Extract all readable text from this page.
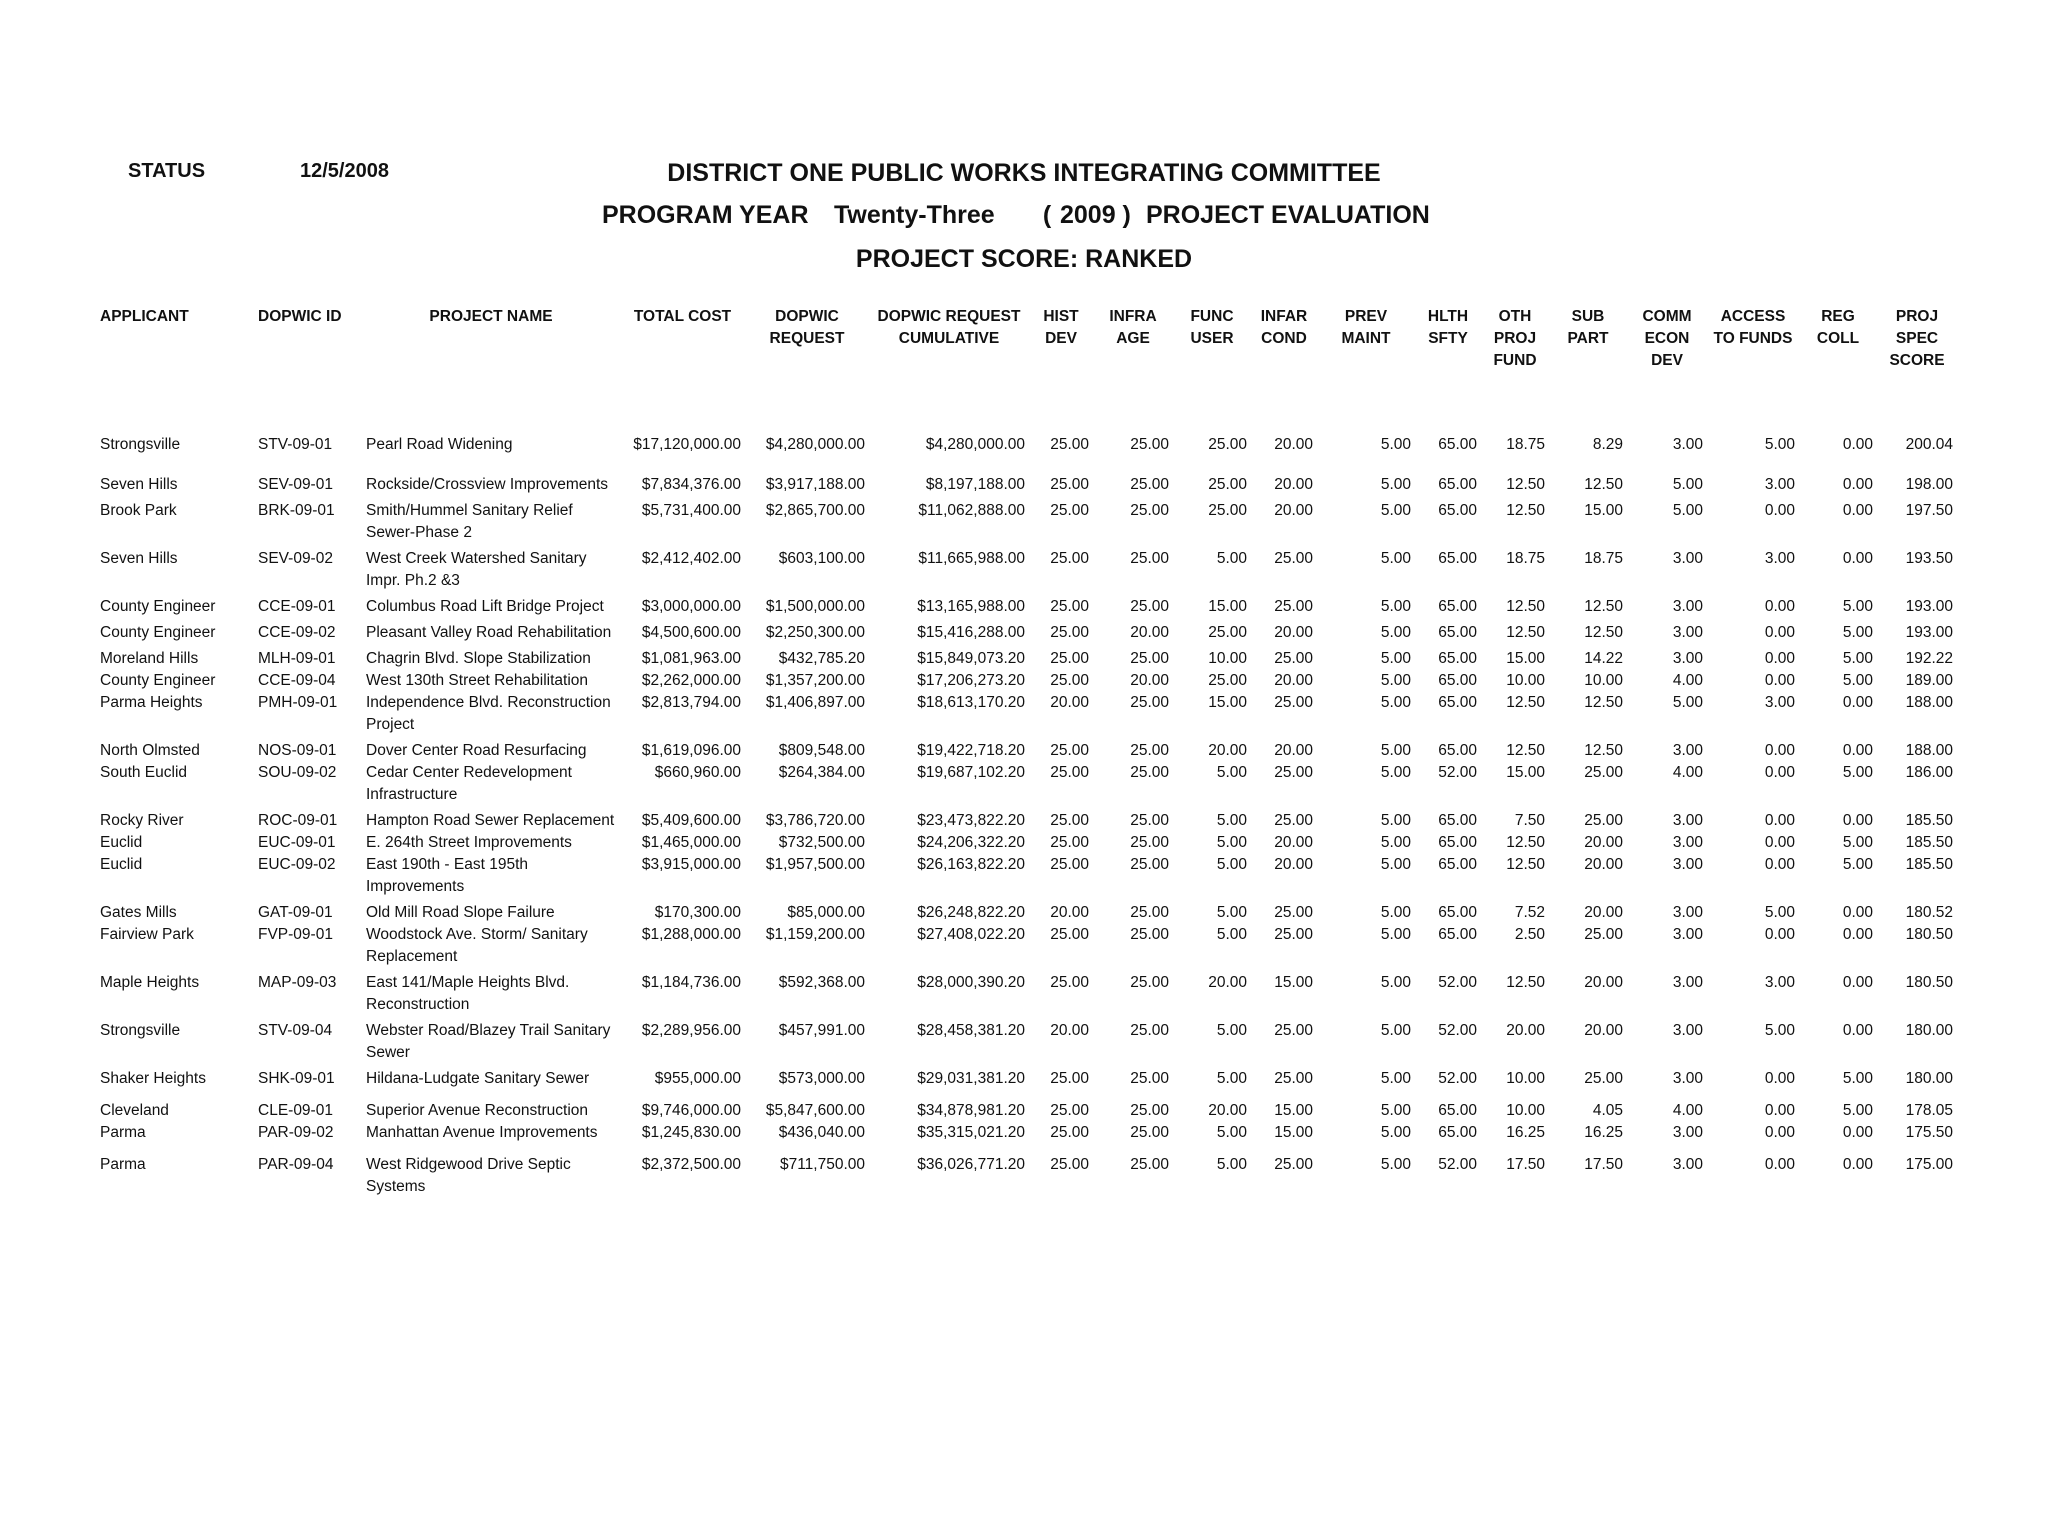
STATUS	12/5/2008	DISTRICT ONE PUBLIC WORKS INTEGRATING COMMITTEE
PROGRAM YEAR Twenty-Three ( 2009 ) PROJECT EVALUATION
PROJECT SCORE: RANKED
APPLICANT	DOPWIC ID	PROJECT NAME	TOTAL COST	DOPWIC REQUEST	DOPWIC REQUEST CUMULATIVE	HIST DEV	INFRA AGE	FUNC USER	INFAR COND	PREV MAINT	HLTH SFTY	OTH PROJ FUND	SUB PART	COMM ECON DEV	ACCESS TO FUNDS	REG COLL	PROJ SPEC SCORE
Strongsville	STV-09-01	Pearl Road Widening	$17,120,000.00	$4,280,000.00	$4,280,000.00	25.00	25.00	25.00	20.00	5.00	65.00	18.75	8.29	3.00	5.00	0.00	200.04
Seven Hills	SEV-09-01	Rockside/Crossview Improvements	$7,834,376.00	$3,917,188.00	$8,197,188.00	25.00	25.00	25.00	20.00	5.00	65.00	12.50	12.50	5.00	3.00	0.00	198.00
Brook Park	BRK-09-01	Smith/Hummel Sanitary Relief Sewer-Phase 2	$5,731,400.00	$2,865,700.00	$11,062,888.00	25.00	25.00	25.00	20.00	5.00	65.00	12.50	15.00	5.00	0.00	0.00	197.50
Seven Hills	SEV-09-02	West Creek Watershed Sanitary Impr. Ph.2 &3	$2,412,402.00	$603,100.00	$11,665,988.00	25.00	25.00	5.00	25.00	5.00	65.00	18.75	18.75	3.00	3.00	0.00	193.50
County Engineer	CCE-09-01	Columbus Road Lift Bridge Project	$3,000,000.00	$1,500,000.00	$13,165,988.00	25.00	25.00	15.00	25.00	5.00	65.00	12.50	12.50	3.00	0.00	5.00	193.00
County Engineer	CCE-09-02	Pleasant Valley Road Rehabilitation	$4,500,600.00	$2,250,300.00	$15,416,288.00	25.00	20.00	25.00	20.00	5.00	65.00	12.50	12.50	3.00	0.00	5.00	193.00
Moreland Hills	MLH-09-01	Chagrin Blvd. Slope Stabilization	$1,081,963.00	$432,785.20	$15,849,073.20	25.00	25.00	10.00	25.00	5.00	65.00	15.00	14.22	3.00	0.00	5.00	192.22
County Engineer	CCE-09-04	West 130th Street Rehabilitation	$2,262,000.00	$1,357,200.00	$17,206,273.20	25.00	20.00	25.00	20.00	5.00	65.00	10.00	10.00	4.00	0.00	5.00	189.00
Parma Heights	PMH-09-01	Independence Blvd. Reconstruction Project	$2,813,794.00	$1,406,897.00	$18,613,170.20	20.00	25.00	15.00	25.00	5.00	65.00	12.50	12.50	5.00	3.00	0.00	188.00
North Olmsted	NOS-09-01	Dover Center Road Resurfacing	$1,619,096.00	$809,548.00	$19,422,718.20	25.00	25.00	20.00	20.00	5.00	65.00	12.50	12.50	3.00	0.00	0.00	188.00
South Euclid	SOU-09-02	Cedar Center Redevelopment Infrastructure	$660,960.00	$264,384.00	$19,687,102.20	25.00	25.00	5.00	25.00	5.00	52.00	15.00	25.00	4.00	0.00	5.00	186.00
Rocky River	ROC-09-01	Hampton Road Sewer Replacement	$5,409,600.00	$3,786,720.00	$23,473,822.20	25.00	25.00	5.00	25.00	5.00	65.00	7.50	25.00	3.00	0.00	0.00	185.50
Euclid	EUC-09-01	E. 264th Street Improvements	$1,465,000.00	$732,500.00	$24,206,322.20	25.00	25.00	5.00	20.00	5.00	65.00	12.50	20.00	3.00	0.00	5.00	185.50
Euclid	EUC-09-02	East 190th - East 195th Improvements	$3,915,000.00	$1,957,500.00	$26,163,822.20	25.00	25.00	5.00	20.00	5.00	65.00	12.50	20.00	3.00	0.00	5.00	185.50
Gates Mills	GAT-09-01	Old Mill Road Slope Failure	$170,300.00	$85,000.00	$26,248,822.20	20.00	25.00	5.00	25.00	5.00	65.00	7.52	20.00	3.00	5.00	0.00	180.52
Fairview Park	FVP-09-01	Woodstock Ave. Storm/ Sanitary Replacement	$1,288,000.00	$1,159,200.00	$27,408,022.20	25.00	25.00	5.00	25.00	5.00	65.00	2.50	25.00	3.00	0.00	0.00	180.50
Maple Heights	MAP-09-03	East 141/Maple Heights Blvd. Reconstruction	$1,184,736.00	$592,368.00	$28,000,390.20	25.00	25.00	20.00	15.00	5.00	52.00	12.50	20.00	3.00	3.00	0.00	180.50
Strongsville	STV-09-04	Webster Road/Blazey Trail Sanitary Sewer	$2,289,956.00	$457,991.00	$28,458,381.20	20.00	25.00	5.00	25.00	5.00	52.00	20.00	20.00	3.00	5.00	0.00	180.00
Shaker Heights	SHK-09-01	Hildana-Ludgate Sanitary Sewer	$955,000.00	$573,000.00	$29,031,381.20	25.00	25.00	5.00	25.00	5.00	52.00	10.00	25.00	3.00	0.00	5.00	180.00
Cleveland	CLE-09-01	Superior Avenue Reconstruction	$9,746,000.00	$5,847,600.00	$34,878,981.20	25.00	25.00	20.00	15.00	5.00	65.00	10.00	4.05	4.00	0.00	5.00	178.05
Parma	PAR-09-02	Manhattan Avenue Improvements	$1,245,830.00	$436,040.00	$35,315,021.20	25.00	25.00	5.00	15.00	5.00	65.00	16.25	16.25	3.00	0.00	0.00	175.50
Parma	PAR-09-04	West Ridgewood Drive Septic Systems	$2,372,500.00	$711,750.00	$36,026,771.20	25.00	25.00	5.00	25.00	5.00	52.00	17.50	17.50	3.00	0.00	0.00	175.00
